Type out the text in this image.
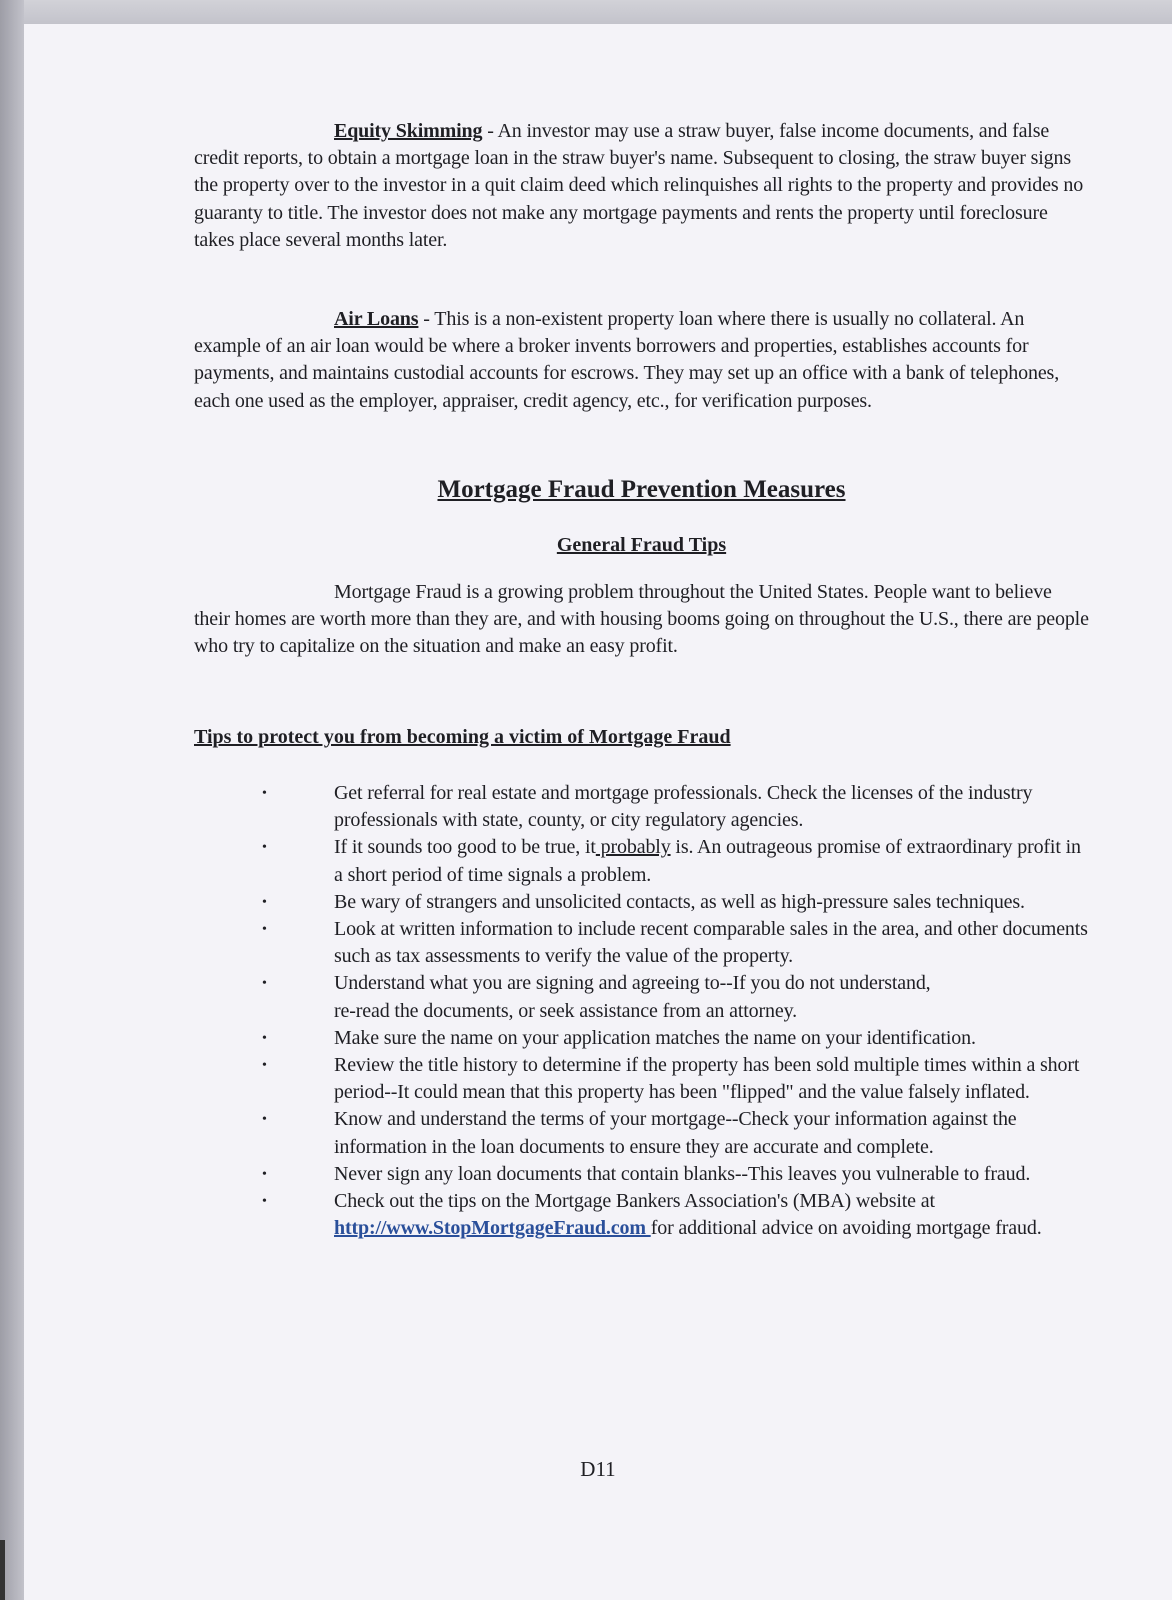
Equity Skimming - An investor may use a straw buyer, false income documents, and false credit reports, to obtain a mortgage loan in the straw buyer's name. Subsequent to closing, the straw buyer signs the property over to the investor in a quit claim deed which relinquishes all rights to the property and provides no guaranty to title. The investor does not make any mortgage payments and rents the property until foreclosure takes place several months later.

Air Loans - This is a non-existent property loan where there is usually no collateral. An example of an air loan would be where a broker invents borrowers and properties, establishes accounts for payments, and maintains custodial accounts for escrows. They may set up an office with a bank of telephones, each one used as the employer, appraiser, credit agency, etc., for verification purposes.

Mortgage Fraud Prevention Measures
General Fraud Tips

Mortgage Fraud is a growing problem throughout the United States. People want to believe their homes are worth more than they are, and with housing booms going on throughout the U.S., there are people who try to capitalize on the situation and make an easy profit.

Tips to protect you from becoming a victim of Mortgage Fraud
•	Get referral for real estate and mortgage professionals. Check the licenses of the industry professionals with state, county, or city regulatory agencies.
•	If it sounds too good to be true, it probably is. An outrageous promise of extraordinary profit in a short period of time signals a problem.
•	Be wary of strangers and unsolicited contacts, as well as high-pressure sales techniques.
•	Look at written information to include recent comparable sales in the area, and other documents such as tax assessments to verify the value of the property.
•	Understand what you are signing and agreeing to--If you do not understand,
re-read the documents, or seek assistance from an attorney.
•	Make sure the name on your application matches the name on your identification.
•	Review the title history to determine if the property has been sold multiple times within a short period--It could mean that this property has been "flipped" and the value falsely inflated.
•	Know and understand the terms of your mortgage--Check your information against the information in the loan documents to ensure they are accurate and complete.
•	Never sign any loan documents that contain blanks--This leaves you vulnerable to fraud.
•	Check out the tips on the Mortgage Bankers Association's (MBA) website at http://www.StopMortgageFraud.com for additional advice on avoiding mortgage fraud.
D11
